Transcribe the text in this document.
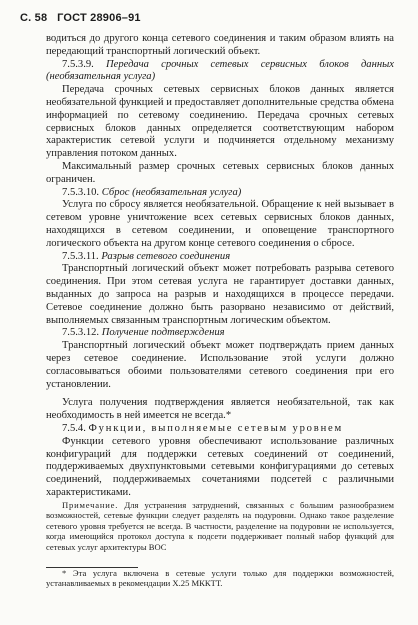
С. 58 ГОСТ 28906–91

водиться до другого конца сетевого соединения и таким образом влиять на передающий транспортный логический объект.

7.5.3.9. Передача срочных сетевых сервисных блоков данных (необязательная услуга)

Передача срочных сетевых сервисных блоков данных является необязательной функцией и предоставляет дополнительные средства обмена информацией по сетевому соединению. Передача срочных сетевых сервисных блоков данных определяется соответствующим набором характеристик сетевой услуги и подчиняется отдельному механизму управления потоком данных.

Максимальный размер срочных сетевых сервисных блоков данных ограничен.

7.5.3.10. Сброс (необязательная услуга)

Услуга по сбросу является необязательной. Обращение к ней вызывает в сетевом уровне уничтожение всех сетевых сервисных блоков данных, находящихся в сетевом соединении, и оповещение транспортного логического объекта на другом конце сетевого соединения о сбросе.

7.5.3.11. Разрыв сетевого соединения

Транспортный логический объект может потребовать разрыва сетевого соединения. При этом сетевая услуга не гарантирует доставки данных, выданных до запроса на разрыв и находящихся в процессе передачи. Сетевое соединение должно быть разорвано независимо от действий, выполняемых связанным транспортным логическим объектом.

7.5.3.12. Получение подтверждения

Транспортный логический объект может подтверждать прием данных через сетевое соединение. Использование этой услуги должно согласовываться обоими пользователями сетевого соединения при его установлении.

Услуга получения подтверждения является необязательной, так как необходимость в ней имеется не всегда.*

7.5.4. Функции, выполняемые сетевым уровнем

Функции сетевого уровня обеспечивают использование различных конфигураций для поддержки сетевых соединений от соединений, поддерживаемых двухпунктовыми сетевыми конфигурациями до сетевых соединений, поддерживаемых сочетаниями подсетей с различными характеристиками.

Примечание. Для устранения затруднений, связанных с большим разнообразием возможностей, сетевые функции следует разделять на подуровни. Однако такое разделение сетевого уровня требуется не всегда. В частности, разделение на подуровни не используется, когда имеющийся протокол доступа к подсети поддерживает полный набор функций для сетевых услуг архитектуры ВОС

* Эта услуга включена в сетевые услуги только для поддержки возможностей, устанавливаемых в рекомендации Х.25 МККТТ.
